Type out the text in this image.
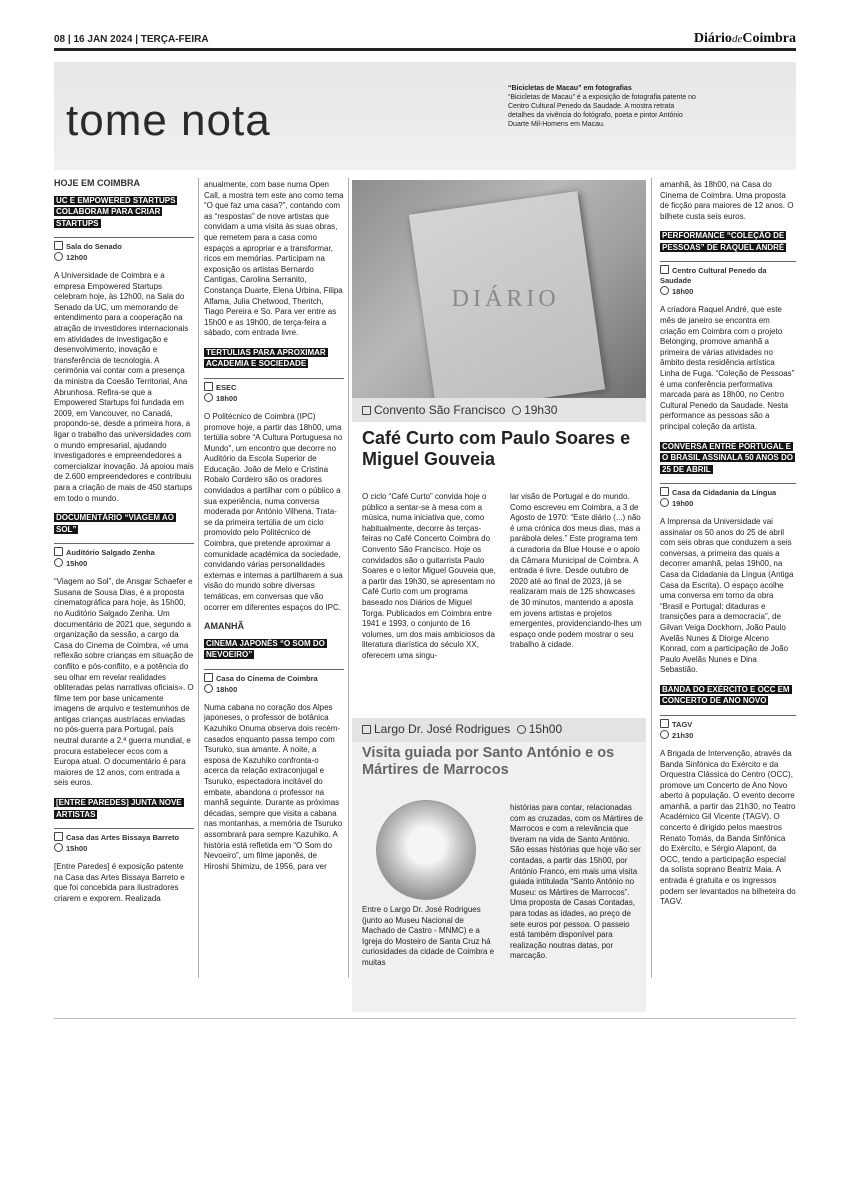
08 | 16 JAN 2024 | TERÇA-FEIRA	DiáriodeCoimbra
tome nota
“Bicicletas de Macau” em fotografias
“Bicicletas de Macau” é a exposição de fotografia patente no Centro Cultural Penedo da Saudade. A mostra retrata detalhes da vivência do fotógrafo, poeta e pintor António Duarte Mil-Homens em Macau.
HOJE EM COIMBRA
UC E EMPOWERED STARTUPS COLABORAM PARA CRIAR STARTUPS
Sala do Senado
12h00

A Universidade de Coimbra e a empresa Empowered Startups celebram hoje, às 12h00, na Sala do Senado da UC, um memorando de entendimento para a cooperação na atração de investidores internacionais em atividades de investigação e desenvolvimento, inovação e transferência de tecnologia. A cerimónia vai contar com a presença da ministra da Coesão Territorial, Ana Abrunhosa. Refira-se que a Empowered Startups foi fundada em 2009, em Vancouver, no Canadá, propondo-se, desde a primeira hora, a ligar o trabalho das universidades com o mundo empresarial, ajudando investigadores e empreendedores a comercializar inovação. Já apoiou mais de 2.600 empreendedores e contribuiu para a criação de mais de 450 startups em todo o mundo.

DOCUMENTÁRIO “VIAGEM AO SOL”
Auditório Salgado Zenha
15h00

“Viagem ao Sol”, de Ansgar Schaefer e Susana de Sousa Dias, é a proposta cinematográfica para hoje, às 15h00, no Auditório Salgado Zenha. Um documentário de 2021 que, segundo a organização da sessão, a cargo da Casa do Cinema de Coimbra, «é uma reflexão sobre crianças em situação de conflito e pós-conflito, e a potência do seu olhar em revelar realidades obliteradas pelas narrativas oficiais». O filme tem por base unicamente imagens de arquivo e testemunhos de antigas crianças austríacas enviadas no pós-guerra para Portugal, país neutral durante a 2.ª guerra mundial, e procura estabelecer ecos com a Europa atual. O documentário é para maiores de 12 anos, com entrada a seis euros.

[ENTRE PAREDES] JUNTA NOVE ARTISTAS
Casa das Artes Bissaya Barreto
15h00

[Entre Paredes] é exposição patente na Casa das Artes Bissaya Barreto e que foi concebida para ilustradores criarem e exporem. Realizada

anualmente, com base numa Open Call, a mostra tem este ano como tema “O que faz uma casa?”, contando com as “respostas” de nove artistas que convidam a uma visita às suas obras, que remetem para a casa como espaços a apropriar e a transformar, ricos em memórias. Participam na exposição os artistas Bernardo Cantigas, Carolina Serranito, Constança Duarte, Elena Urbina, Filipa Alfama, Julia Chetwood, Theritch, Tiago Pereira e So. Para ver entre as 15h00 e as 19h00, de terça-feira a sábado, com entrada livre.

TERTÚLIAS PARA APROXIMAR ACADEMIA E SOCIEDADE
ESEC
18h00

O Politécnico de Coimbra (IPC) promove hoje, a partir das 18h00, uma tertúlia sobre “A Cultura Portuguesa no Mundo”, um encontro que decorre no Auditório da Escola Superior de Educação. João de Melo e Cristina Robalo Cordeiro são os oradores convidados a partilhar com o público a sua experiência, numa conversa moderada por António Vilhena. Trata-se da primeira tertúlia de um ciclo promovido pelo Politécnico de Coimbra, que pretende aproximar a comunidade académica da sociedade, convidando várias personalidades externas e internas a partilharem a sua visão do mundo sobre diversas temáticas, em conversas que vão ocorrer em diferentes espaços do IPC.

AMANHÃ
CINEMA JAPONÊS “O SOM DO NEVOEIRO”
Casa do Cinema de Coimbra
18h00

Numa cabana no coração dos Alpes japoneses, o professor de botânica Kazuhiko Onuma observa dois recém-casados enquanto passa tempo com Tsuruko, sua amante. À noite, a esposa de Kazuhiko confronta-o acerca da relação extraconjugal e Tsuruko, espectadora incitável do embate, abandona o professor na manhã seguinte. Durante as próximas décadas, sempre que visita a cabana nas montanhas, a memória de Tsuruko assombrará para sempre Kazuhiko. A história está refletida em “O Som do Nevoeiro”, um filme japonês, de Hiroshi Shimizu, de 1956, para ver

DIÁRIO
Convento São Francisco 19h30
Café Curto com Paulo Soares e Miguel Gouveia
O ciclo “Café Curto” convida hoje o público a sentar-se à mesa com a música, numa iniciativa que, como habitualmente, decorre às terças-feiras no Café Concerto Coimbra do Convento São Francisco. Hoje os convidados são o guitarrista Paulo Soares e o leitor Miguel Gouveia que, a partir das 19h30, se apresentam no Café Curto com um programa baseado nos Diários de Miguel Torga. Publicados em Coimbra entre 1941 e 1993, o conjunto de 16 volumes, um dos mais ambiciosos da literatura diarística do século XX, oferecem uma singu-
lar visão de Portugal e do mundo. Como escreveu em Coimbra, a 3 de Agosto de 1970: “Este diário (...) não é uma crónica dos meus dias, mas a parábola deles.” Este programa tem a curadoria da Blue House e o apoio da Câmara Municipal de Coimbra. A entrada é livre. Desde outubro de 2020 até ao final de 2023, já se realizaram mais de 125 showcases de 30 minutos, mantendo a aposta em jovens artistas e projetos emergentes, providenciando-lhes um espaço onde podem mostrar o seu trabalho à cidade.
Largo Dr. José Rodrigues 15h00
Visita guiada por Santo António e os Mártires de Marrocos
Entre o Largo Dr. José Rodrigues (junto ao Museu Nacional de Machado de Castro - MNMC) e a Igreja do Mosteiro de Santa Cruz há curiosidades da cidade de Coimbra e muitas
histórias para contar, relacionadas com as cruzadas, com os Mártires de Marrocos e com a relevância que tiveram na vida de Santo António. São essas histórias que hoje vão ser contadas, a partir das 15h00, por António Franco, em mais uma visita guiada intitulada “Santo António no Museu: os Mártires de Marrocos”. Uma proposta de Casas Contadas, para todas as idades, ao preço de sete euros por pessoa. O passeio está também disponível para realização noutras datas, por marcação.

amanhã, às 18h00, na Casa do Cinema de Coimbra. Uma proposta de ficção para maiores de 12 anos. O bilhete custa seis euros.

PERFORMANCE “COLEÇÃO DE PESSOAS” DE RAQUEL ANDRÉ
Centro Cultural Penedo da Saudade
18h00

A criadora Raquel André, que este mês de janeiro se encontra em criação em Coimbra com o projeto Belonging, promove amanhã a primeira de várias atividades no âmbito desta residência artística Linha de Fuga. “Coleção de Pessoas” é uma conferência performativa marcada para as 18h00, no Centro Cultural Penedo da Saudade. Nesta performance as pessoas são a principal coleção da artista.

CONVERSA ENTRE PORTUGAL E O BRASIL ASSINALA 50 ANOS DO 25 DE ABRIL
Casa da Cidadania da Língua
19h00

A Imprensa da Universidade vai assinalar os 50 anos do 25 de abril com seis obras que conduzem a seis conversas, a primeira das quais a decorrer amanhã, pelas 19h00, na Casa da Cidadania da Língua (Antiga Casa da Escrita). O espaço acolhe uma conversa em torno da obra “Brasil e Portugal: ditaduras e transições para a democracia”, de Gilvan Veiga Dockhorn, João Paulo Avelãs Nunes & Diorge Alceno Konrad, com a participação de João Paulo Avelãs Nunes e Dina Sebastião.

BANDA DO EXÉRCITO E OCC EM CONCERTO DE ANO NOVO
TAGV
21h30

A Brigada de Intervenção, através da Banda Sinfónica do Exército e da Orquestra Clássica do Centro (OCC), promove um Concerto de Ano Novo aberto à população. O evento decorre amanhã, a partir das 21h30, no Teatro Académico Gil Vicente (TAGV). O concerto é dirigido pelos maestros Renato Tomás, da Banda Sinfónica do Exército, e Sérgio Alapont, da OCC, tendo a participação especial da solista soprano Beatriz Maia. A entrada é gratuita e os ingressos podem ser levantados na bilheteira do TAGV.
